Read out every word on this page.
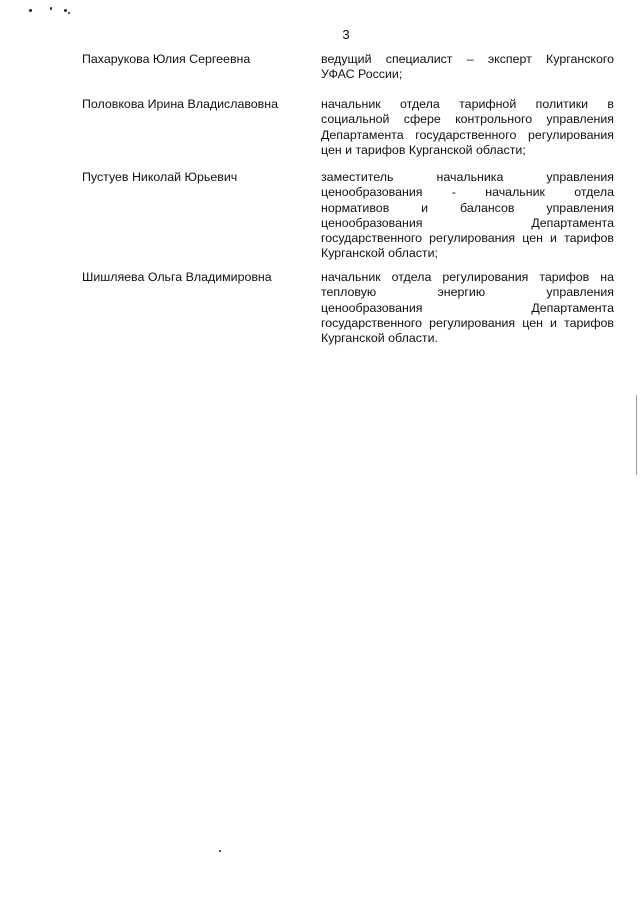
3
Пахарукова Юлия Сергеевна	ведущий специалист – эксперт Курганского
УФАС России;
Половкова Ирина Владиславовна	начальник отдела тарифной политики в
социальной сфере контрольного управления
Департамента государственного регулирования
цен и тарифов Курганской области;
Пустуев Николай Юрьевич	заместитель начальника управления
ценообразования - начальник отдела
нормативов и балансов управления
ценообразования Департамента
государственного регулирования цен и тарифов
Курганской области;
Шишляева Ольга Владимировна	начальник отдела регулирования тарифов на
тепловую энергию управления
ценообразования Департамента
государственного регулирования цен и тарифов
Курганской области.
